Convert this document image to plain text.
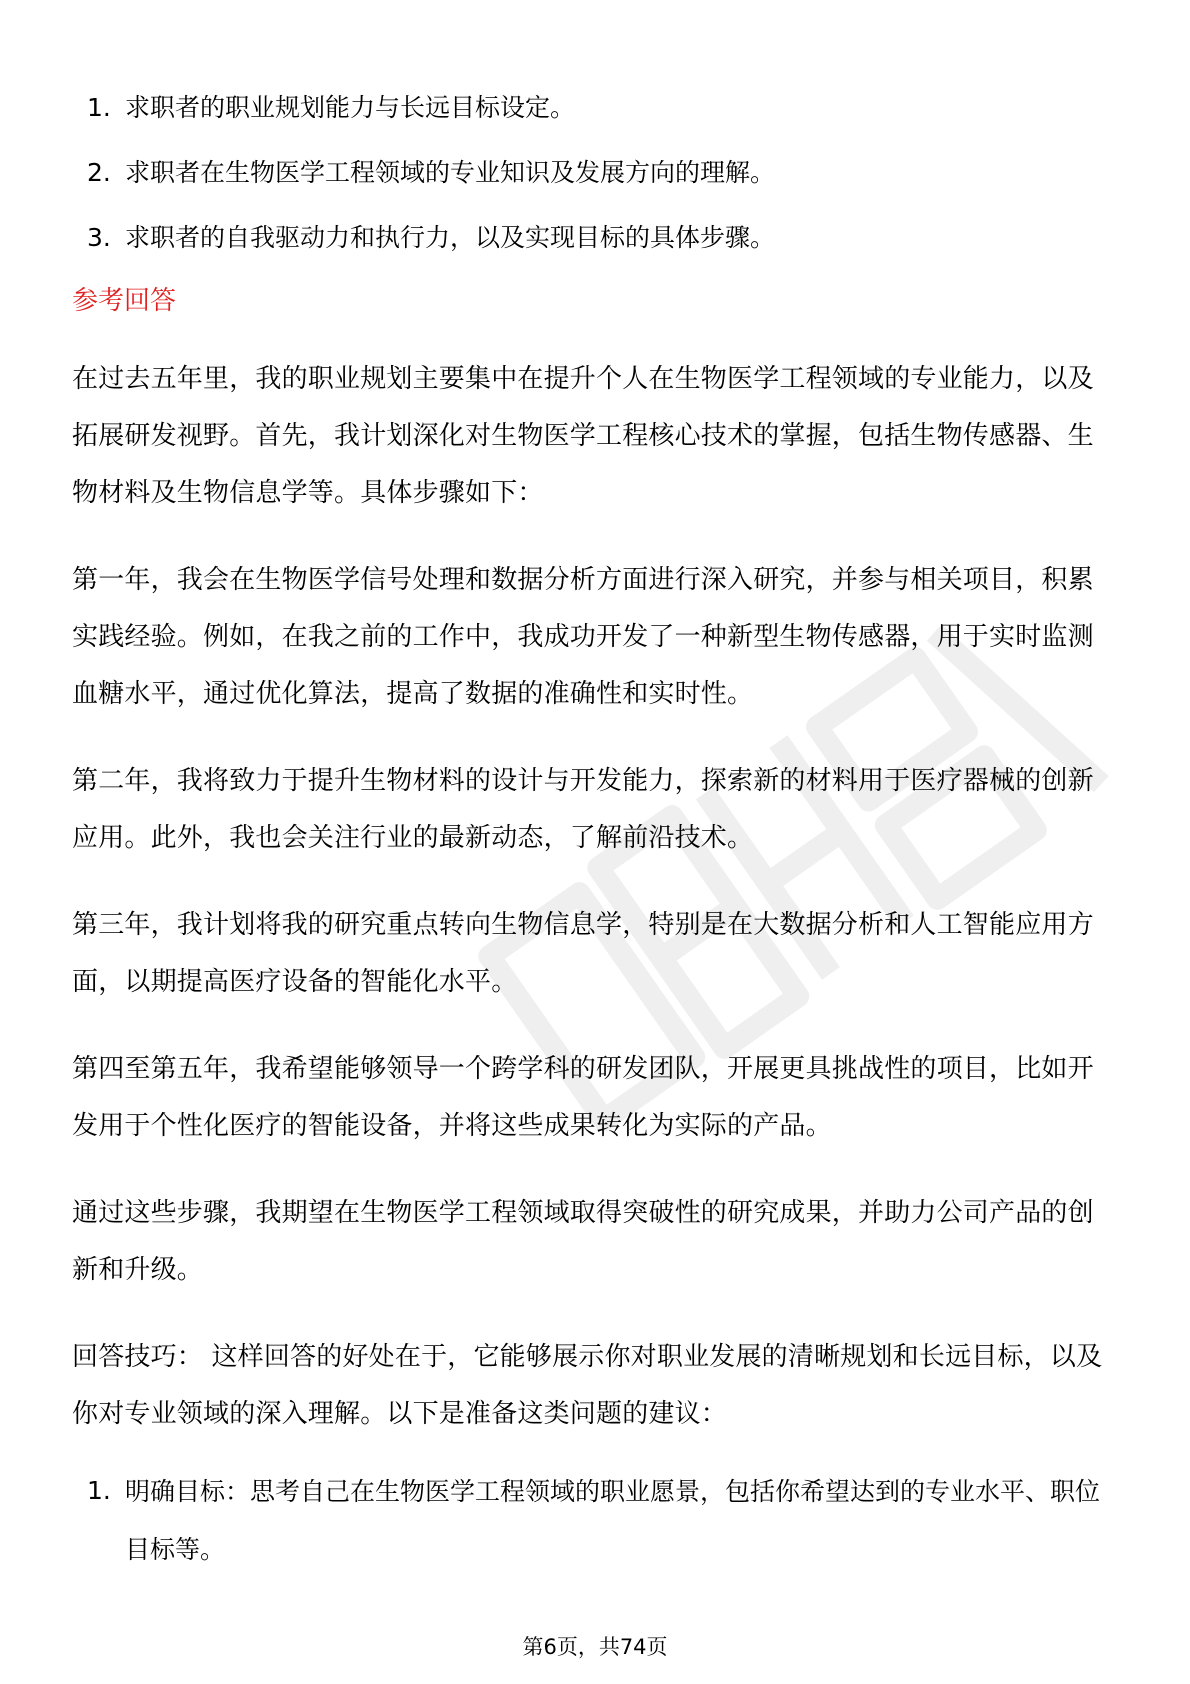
1. 求职者的职业规划能力与长远目标设定。
2. 求职者在生物医学工程领域的专业知识及发展方向的理解。
3. 求职者的自我驱动力和执行力，以及实现目标的具体步骤。
参考回答

在过去五年里，我的职业规划主要集中在提升个人在生物医学工程领域的专业能力，以及拓展研发视野。首先，我计划深化对生物医学工程核心技术的掌握，包括生物传感器、生物材料及生物信息学等。具体步骤如下：

第一年，我会在生物医学信号处理和数据分析方面进行深入研究，并参与相关项目，积累实践经验。例如，在我之前的工作中，我成功开发了一种新型生物传感器，用于实时监测血糖水平，通过优化算法，提高了数据的准确性和实时性。

第二年，我将致力于提升生物材料的设计与开发能力，探索新的材料用于医疗器械的创新应用。此外，我也会关注行业的最新动态，了解前沿技术。

第三年，我计划将我的研究重点转向生物信息学，特别是在大数据分析和人工智能应用方面，以期提高医疗设备的智能化水平。

第四至第五年，我希望能够领导一个跨学科的研发团队，开展更具挑战性的项目，比如开发用于个性化医疗的智能设备，并将这些成果转化为实际的产品。

通过这些步骤，我期望在生物医学工程领域取得突破性的研究成果，并助力公司产品的创新和升级。

回答技巧： 这样回答的好处在于，它能够展示你对职业发展的清晰规划和长远目标，以及你对专业领域的深入理解。以下是准备这类问题的建议：

1. 明确目标：思考自己在生物医学工程领域的职业愿景，包括你希望达到的专业水平、职位目标等。
第6页，共74页
